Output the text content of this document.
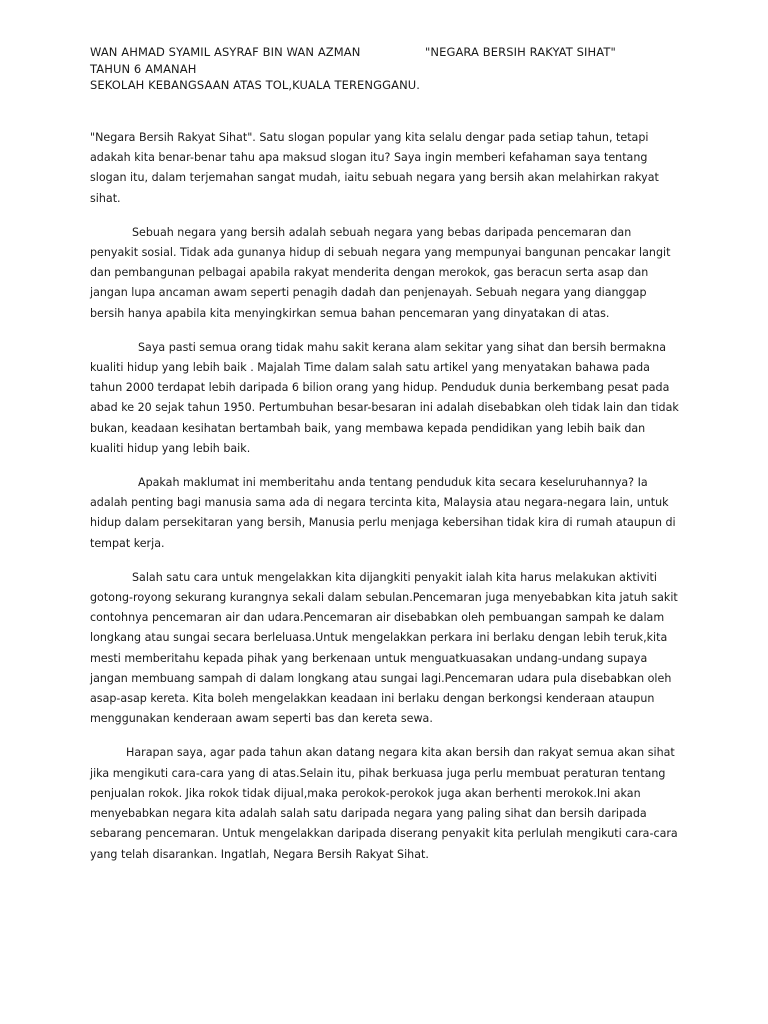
WAN AHMAD SYAMIL ASYRAF BIN WAN AZMAN	"NEGARA BERSIH RAKYAT SIHAT"
TAHUN 6 AMANAH
SEKOLAH KEBANGSAAN ATAS TOL,KUALA TERENGGANU.

"Negara Bersih Rakyat Sihat". Satu slogan popular yang kita selalu dengar pada setiap tahun, tetapi adakah kita benar-benar tahu apa maksud slogan itu? Saya ingin memberi kefahaman saya tentang slogan itu, dalam terjemahan sangat mudah, iaitu sebuah negara yang bersih akan melahirkan rakyat sihat.

Sebuah negara yang bersih adalah sebuah negara yang bebas daripada pencemaran dan penyakit sosial. Tidak ada gunanya hidup di sebuah negara yang mempunyai bangunan pencakar langit dan pembangunan pelbagai apabila rakyat menderita dengan merokok, gas beracun serta asap dan jangan lupa ancaman awam seperti penagih dadah dan penjenayah. Sebuah negara yang dianggap bersih hanya apabila kita menyingkirkan semua bahan pencemaran yang dinyatakan di atas.

Saya pasti semua orang tidak mahu sakit kerana alam sekitar yang sihat dan bersih bermakna kualiti hidup yang lebih baik . Majalah Time dalam salah satu artikel yang menyatakan bahawa pada tahun 2000 terdapat lebih daripada 6 bilion orang yang hidup. Penduduk dunia berkembang pesat pada abad ke 20 sejak tahun 1950. Pertumbuhan besar-besaran ini adalah disebabkan oleh tidak lain dan tidak bukan, keadaan kesihatan bertambah baik, yang membawa kepada pendidikan yang lebih baik dan kualiti hidup yang lebih baik.

Apakah maklumat ini memberitahu anda tentang penduduk kita secara keseluruhannya? Ia adalah penting bagi manusia sama ada di negara tercinta kita, Malaysia atau negara-negara lain, untuk hidup dalam persekitaran yang bersih, Manusia perlu menjaga kebersihan tidak kira di rumah ataupun di tempat kerja.

Salah satu cara untuk mengelakkan kita dijangkiti penyakit ialah kita harus melakukan aktiviti gotong-royong sekurang kurangnya sekali dalam sebulan.Pencemaran juga menyebabkan kita jatuh sakit contohnya pencemaran air dan udara.Pencemaran air disebabkan oleh pembuangan sampah ke dalam longkang atau sungai secara berleluasa.Untuk mengelakkan perkara ini berlaku dengan lebih teruk,kita mesti memberitahu kepada pihak yang berkenaan untuk menguatkuasakan undang-undang supaya jangan membuang sampah di dalam longkang atau sungai lagi.Pencemaran udara pula disebabkan oleh asap-asap kereta. Kita boleh mengelakkan keadaan ini berlaku dengan berkongsi kenderaan ataupun menggunakan kenderaan awam seperti bas dan kereta sewa.

Harapan saya, agar pada tahun akan datang negara kita akan bersih dan rakyat semua akan sihat jika mengikuti cara-cara yang di atas.Selain itu, pihak berkuasa juga perlu membuat peraturan tentang penjualan rokok. Jika rokok tidak dijual,maka perokok-perokok juga akan berhenti merokok.Ini akan menyebabkan negara kita adalah salah satu daripada negara yang paling sihat dan bersih daripada sebarang pencemaran. Untuk mengelakkan daripada diserang penyakit kita perlulah mengikuti cara-cara yang telah disarankan. Ingatlah, Negara Bersih Rakyat Sihat.
